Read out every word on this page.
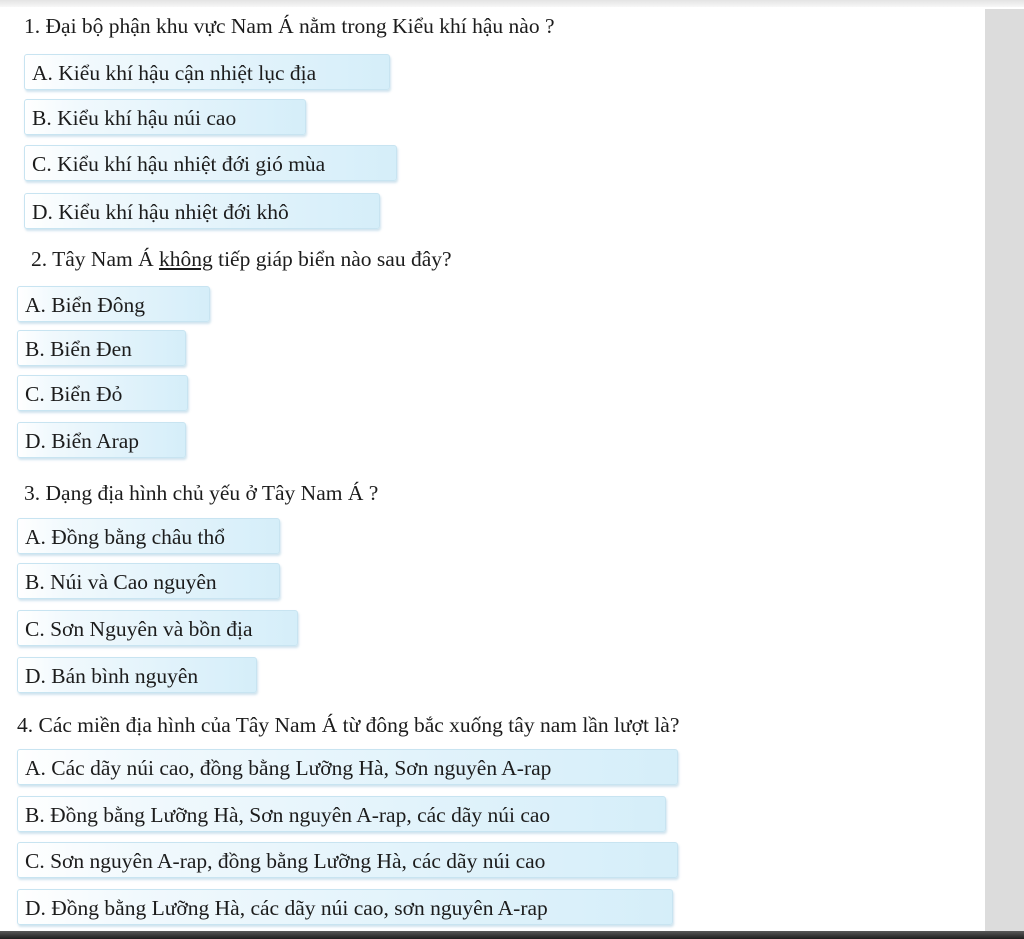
1. Đại bộ phận khu vực Nam Á nằm trong Kiểu khí hậu nào ?
A. Kiểu khí hậu cận nhiệt lục địa
B. Kiểu khí hậu núi cao
C. Kiểu khí hậu nhiệt đới gió mùa
D. Kiểu khí hậu nhiệt đới khô
2. Tây Nam Á không tiếp giáp biển nào sau đây?
A. Biển Đông
B. Biển Đen
C. Biển Đỏ
D. Biển Arap
3. Dạng địa hình chủ yếu ở Tây Nam Á ?
A. Đồng bằng châu thổ
B. Núi và Cao nguyên
C. Sơn Nguyên và bồn địa
D. Bán bình nguyên
4. Các miền địa hình của Tây Nam Á từ đông bắc xuống tây nam lần lượt là?
A. Các dãy núi cao, đồng bằng Lưỡng Hà, Sơn nguyên A-rap
B. Đồng bằng Lưỡng Hà, Sơn nguyên A-rap, các dãy núi cao
C. Sơn nguyên A-rap, đồng bằng Lưỡng Hà, các dãy núi cao
D. Đồng bằng Lưỡng Hà, các dãy núi cao, sơn nguyên A-rap
